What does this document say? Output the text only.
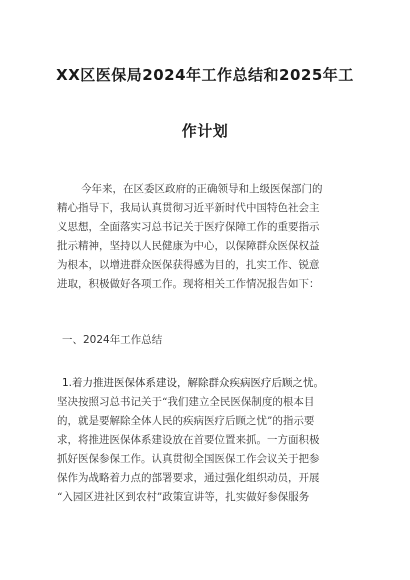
XX区医保局2024年工作总结和2025年工
作计划
今年来，在区委区政府的正确领导和上级医保部门的
精心指导下，我局认真贯彻习近平新时代中国特色社会主
义思想，全面落实习总书记关于医疗保障工作的重要指示
批示精神，坚持以人民健康为中心，以保障群众医保权益
为根本，以增进群众医保获得感为目的，扎实工作、锐意
进取，积极做好各项工作。现将相关工作情况报告如下：
一、2024年工作总结
1.着力推进医保体系建设，解除群众疾病医疗后顾之忧。
坚决按照习总书记关于“我们建立全民医保制度的根本目
的，就是要解除全体人民的疾病医疗后顾之忧”的指示要
求，将推进医保体系建设放在首要位置来抓。一方面积极
抓好医保参保工作。认真贯彻全国医保工作会议关于把参
保作为战略着力点的部署要求，通过强化组织动员，开展
“入园区进社区到农村”政策宣讲等，扎实做好参保服务
